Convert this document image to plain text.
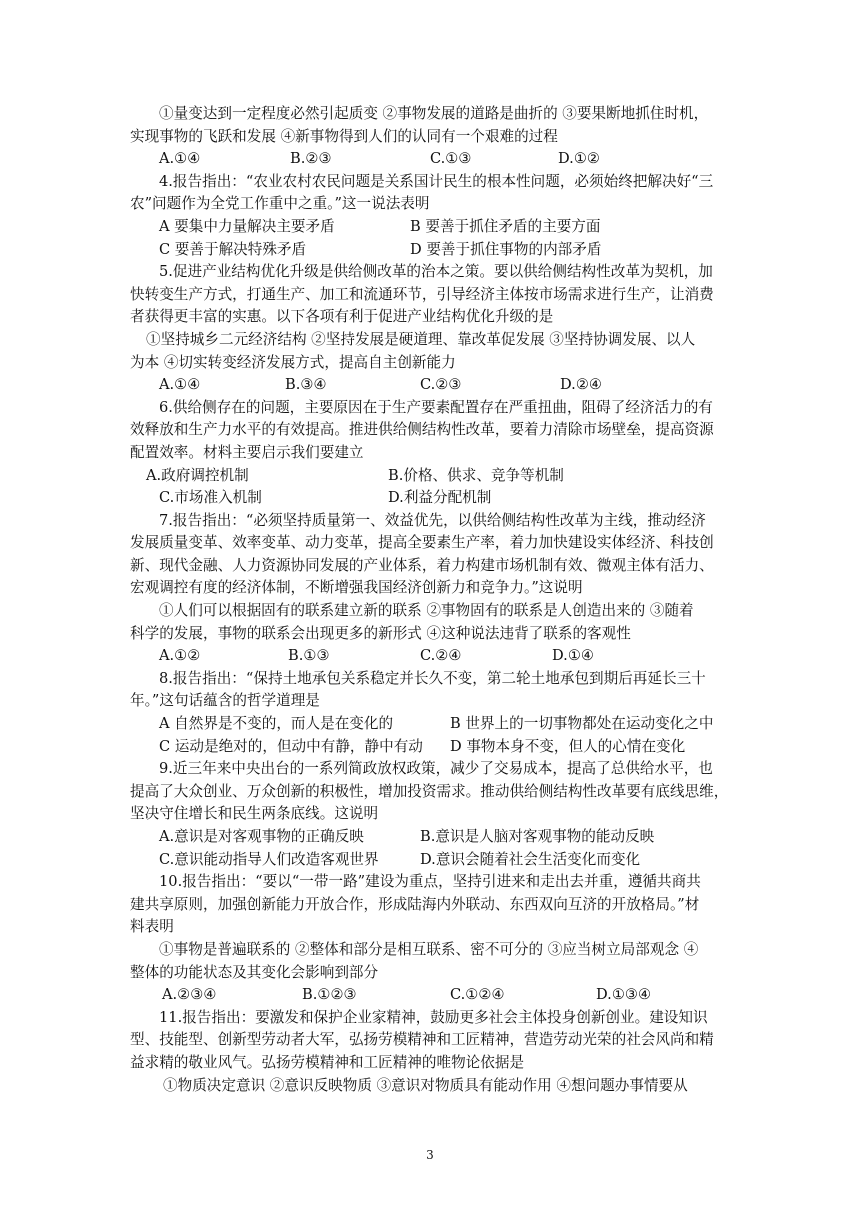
①量变达到一定程度必然引起质变 ②事物发展的道路是曲折的 ③要果断地抓住时机，
实现事物的飞跃和发展 ④新事物得到人们的认同有一个艰难的过程
A.①④	B.②③	C.①③	D.①②
4.报告指出：“农业农村农民问题是关系国计民生的根本性问题，必须始终把解决好“三
农”问题作为全党工作重中之重。”这一说法表明
A 要集中力量解决主要矛盾	B 要善于抓住矛盾的主要方面
C 要善于解决特殊矛盾	D 要善于抓住事物的内部矛盾
5.促进产业结构优化升级是供给侧改革的治本之策。要以供给侧结构性改革为契机，加
快转变生产方式，打通生产、加工和流通环节，引导经济主体按市场需求进行生产，让消费
者获得更丰富的实惠。以下各项有利于促进产业结构优化升级的是
①坚持城乡二元经济结构 ②坚持发展是硬道理、靠改革促发展 ③坚持协调发展、以人
为本 ④切实转变经济发展方式，提高自主创新能力
A.①④	B.③④	C.②③	D.②④
6.供给侧存在的问题，主要原因在于生产要素配置存在严重扭曲，阻碍了经济活力的有
效释放和生产力水平的有效提高。推进供给侧结构性改革，要着力清除市场壁垒，提高资源
配置效率。材料主要启示我们要建立
A.政府调控机制	B.价格、供求、竞争等机制
C.市场准入机制	D.利益分配机制
7.报告指出：“必须坚持质量第一、效益优先，以供给侧结构性改革为主线，推动经济
发展质量变革、效率变革、动力变革，提高全要素生产率，着力加快建设实体经济、科技创
新、现代金融、人力资源协同发展的产业体系，着力构建市场机制有效、微观主体有活力、
宏观调控有度的经济体制，不断增强我国经济创新力和竞争力。”这说明
①人们可以根据固有的联系建立新的联系 ②事物固有的联系是人创造出来的 ③随着
科学的发展，事物的联系会出现更多的新形式 ④这种说法违背了联系的客观性
A.①②	B.①③	C.②④	D.①④
8.报告指出：“保持土地承包关系稳定并长久不变，第二轮土地承包到期后再延长三十
年。”这句话蕴含的哲学道理是
A 自然界是不变的，而人是在变化的	B 世界上的一切事物都处在运动变化之中
C 运动是绝对的，但动中有静，静中有动 D 事物本身不变，但人的心情在变化
9.近三年来中央出台的一系列简政放权政策，减少了交易成本，提高了总供给水平，也
提高了大众创业、万众创新的积极性，增加投资需求。推动供给侧结构性改革要有底线思维，
坚决守住增长和民生两条底线。这说明
A.意识是对客观事物的正确反映	B.意识是人脑对客观事物的能动反映
C.意识能动指导人们改造客观世界	D.意识会随着社会生活变化而变化
10.报告指出：“要以“一带一路”建设为重点，坚持引进来和走出去并重，遵循共商共
建共享原则，加强创新能力开放合作，形成陆海内外联动、东西双向互济的开放格局。”材
料表明
①事物是普遍联系的 ②整体和部分是相互联系、密不可分的 ③应当树立局部观念 ④
整体的功能状态及其变化会影响到部分
A.②③④	B.①②③	C.①②④	D.①③④
11.报告指出：要激发和保护企业家精神，鼓励更多社会主体投身创新创业。建设知识
型、技能型、创新型劳动者大军，弘扬劳模精神和工匠精神，营造劳动光荣的社会风尚和精
益求精的敬业风气。弘扬劳模精神和工匠精神的唯物论依据是
①物质决定意识 ②意识反映物质 ③意识对物质具有能动作用 ④想问题办事情要从
3
